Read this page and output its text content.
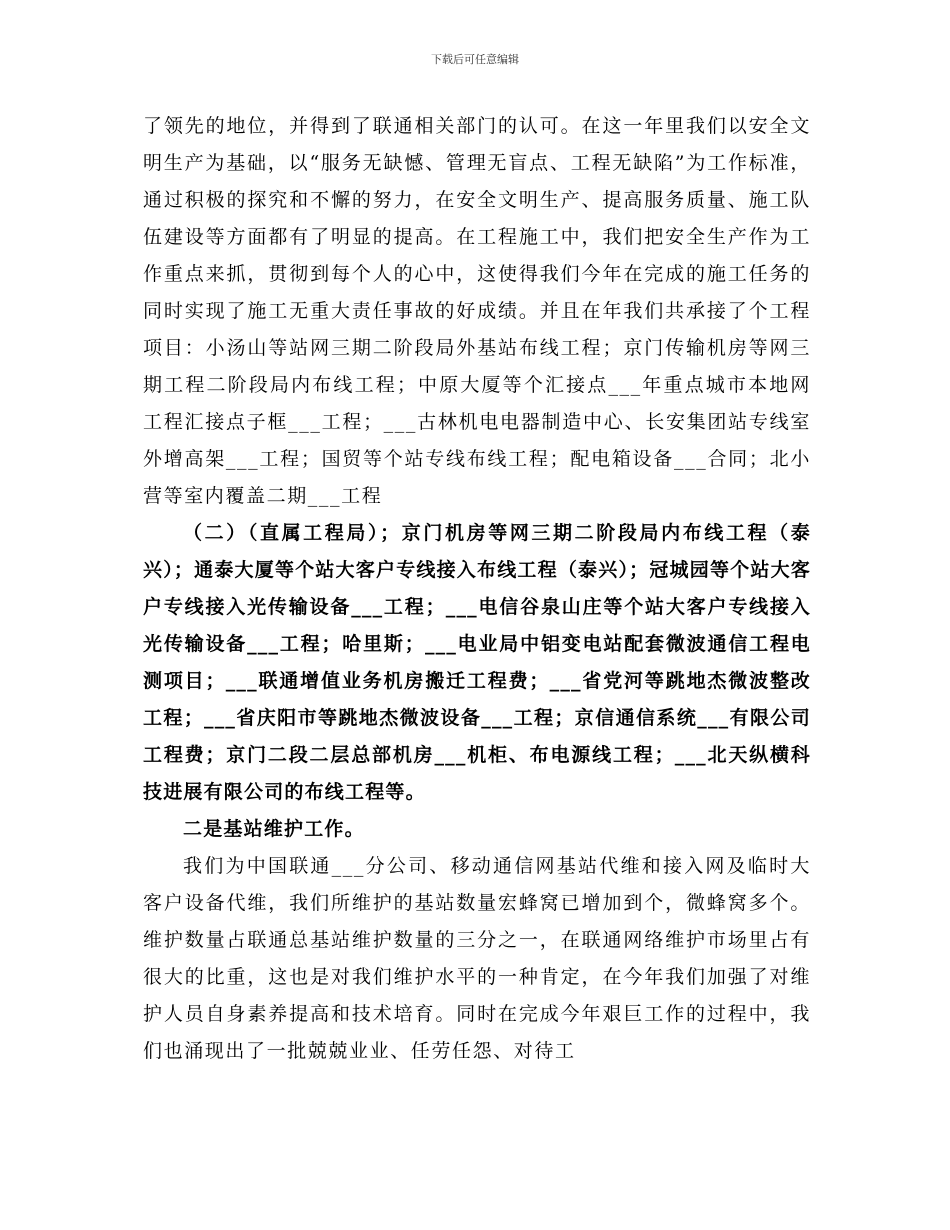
下载后可任意编辑

了领先的地位，并得到了联通相关部门的认可。在这一年里我们以安全文明生产为基础，以“服务无缺憾、管理无盲点、工程无缺陷”为工作标准，通过积极的探究和不懈的努力，在安全文明生产、提高服务质量、施工队伍建设等方面都有了明显的提高。在工程施工中，我们把安全生产作为工作重点来抓，贯彻到每个人的心中，这使得我们今年在完成的施工任务的同时实现了施工无重大责任事故的好成绩。并且在年我们共承接了个工程项目：小汤山等站网三期二阶段局外基站布线工程；京门传输机房等网三期工程二阶段局内布线工程；中原大厦等个汇接点___年重点城市本地网工程汇接点子框___工程；___古林机电电器制造中心、长安集团站专线室外增高架___工程；国贸等个站专线布线工程；配电箱设备___合同；北小营等室内覆盖二期___工程

（二）（直属工程局）；京门机房等网三期二阶段局内布线工程（泰兴）；通泰大厦等个站大客户专线接入布线工程（泰兴）；冠城园等个站大客户专线接入光传输设备___工程；___电信谷泉山庄等个站大客户专线接入光传输设备___工程；哈里斯；___电业局中铝变电站配套微波通信工程电测项目；___联通增值业务机房搬迁工程费；___省党河等跳地杰微波整改工程；___省庆阳市等跳地杰微波设备___工程；京信通信系统___有限公司工程费；京门二段二层总部机房___机柜、布电源线工程；___北天纵横科技进展有限公司的布线工程等。

二是基站维护工作。

我们为中国联通___分公司、移动通信网基站代维和接入网及临时大客户设备代维，我们所维护的基站数量宏蜂窝已增加到个，微蜂窝多个。维护数量占联通总基站维护数量的三分之一，在联通网络维护市场里占有很大的比重，这也是对我们维护水平的一种肯定，在今年我们加强了对维护人员自身素养提高和技术培育。同时在完成今年艰巨工作的过程中，我们也涌现出了一批兢兢业业、任劳任怨、对待工
